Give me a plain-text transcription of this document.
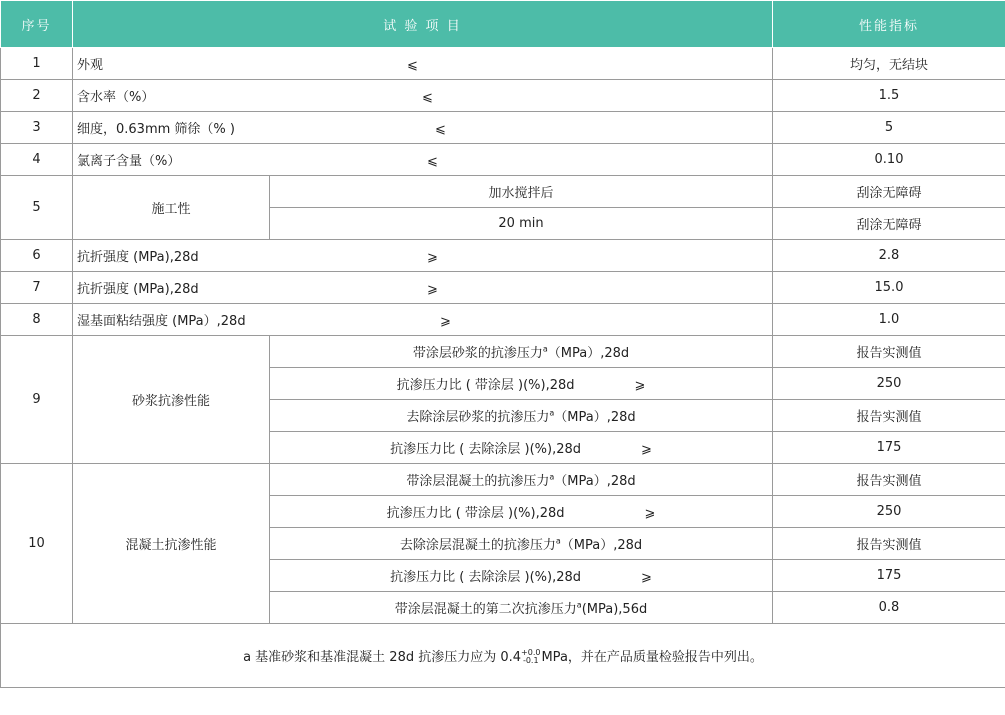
序号	试 验 项 目		性能指标
1	外观 ⩽		均匀，无结块
2	含水率（%） ⩽		1.5
3	细度，0.63mm 筛徐（% ) ⩽		5
4	氯离子含量（%） ⩽		0.10
5	施工性	加水搅拌后	刮涂无障碍
		20 min	刮涂无障碍
6	抗折强度 (MPa),28d ⩾		2.8
7	抗折强度 (MPa),28d ⩾		15.0
8	湿基面粘结强度 (MPa）,28d ⩾		1.0
9	砂浆抗渗性能	带涂层砂浆的抗渗压力$^a$（MPa）,28d	报告实测值
		抗渗压力比 ( 带涂层 )(%),28d ⩾	250
		去除涂层砂浆的抗渗压力$^a$（MPa）,28d	报告实测值
		抗渗压力比 ( 去除涂层 )(%),28d ⩾	175
10	混凝土抗渗性能	带涂层混凝土的抗渗压力$^a$（MPa）,28d	报告实测值
		抗渗压力比 ( 带涂层 )(%),28d ⩾	250
		去除涂层混凝土的抗渗压力$^a$（MPa）,28d	报告实测值
		抗渗压力比 ( 去除涂层 )(%),28d ⩾	175
		带涂层混凝土的第二次抗渗压力$^a$(MPa),56d	0.8
a 基准砂浆和基准混凝土 28d 抗渗压力应为 0.4 +0.0
-0.1 MPa，并在产品质量检验报告中列出。			
